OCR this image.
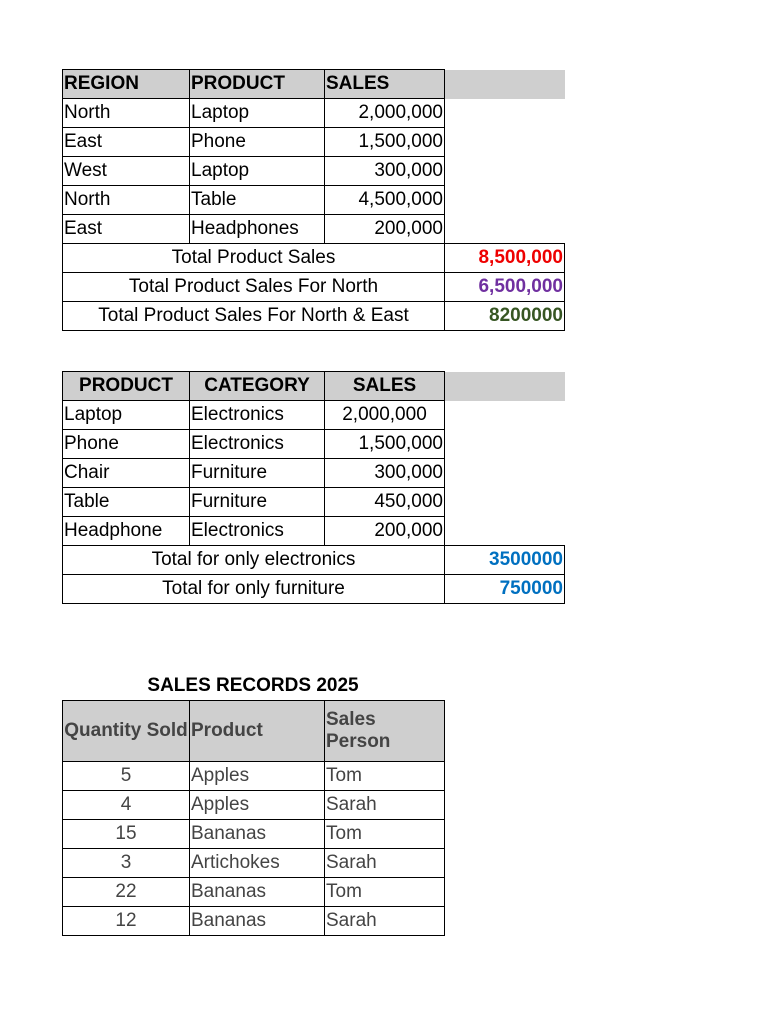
REGION	PRODUCT	SALES	
North	Laptop	2,000,000	
East	Phone	1,500,000	
West	Laptop	300,000	
North	Table	4,500,000	
East	Headphones	200,000	
Total Product Sales			8,500,000
Total Product Sales For North			6,500,000
Total Product Sales For North & East			8200000
PRODUCT	CATEGORY	SALES	
Laptop	Electronics	2,000,000	
Phone	Electronics	1,500,000	
Chair	Furniture	300,000	
Table	Furniture	450,000	
Headphone	Electronics	200,000	
Total for only electronics			3500000
Total for only furniture			750000
SALES RECORDS 2025
Quantity Sold	Product	Sales Person
5	Apples	Tom
4	Apples	Sarah
15	Bananas	Tom
3	Artichokes	Sarah
22	Bananas	Tom
12	Bananas	Sarah
